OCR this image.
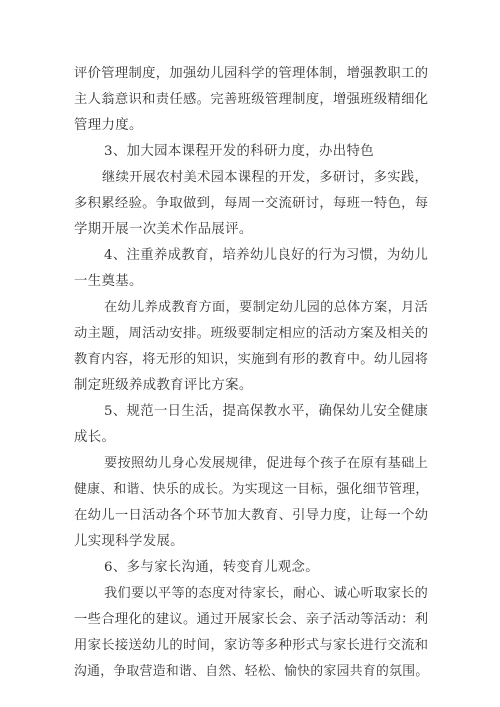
评价管理制度，加强幼儿园科学的管理体制，增强教职工的

主人翁意识和责任感。完善班级管理制度，增强班级精细化

管理力度。

3、加大园本课程开发的科研力度，办出特色

继续开展农村美术园本课程的开发，多研讨，多实践，

多积累经验。争取做到，每周一交流研讨，每班一特色，每

学期开展一次美术作品展评。

4、注重养成教育，培养幼儿良好的行为习惯，为幼儿

一生奠基。

在幼儿养成教育方面，要制定幼儿园的总体方案，月活

动主题，周活动安排。班级要制定相应的活动方案及相关的

教育内容，将无形的知识，实施到有形的教育中。幼儿园将

制定班级养成教育评比方案。

5、规范一日生活，提高保教水平，确保幼儿安全健康

成长。

要按照幼儿身心发展规律，促进每个孩子在原有基础上

健康、和谐、快乐的成长。为实现这一目标，强化细节管理，

在幼儿一日活动各个环节加大教育、引导力度，让每一个幼

儿实现科学发展。

6、多与家长沟通，转变育儿观念。

我们要以平等的态度对待家长，耐心、诚心听取家长的

一些合理化的建议。通过开展家长会、亲子活动等活动：利

用家长接送幼儿的时间，家访等多种形式与家长进行交流和

沟通，争取营造和谐、自然、轻松、愉快的家园共育的氛围。
